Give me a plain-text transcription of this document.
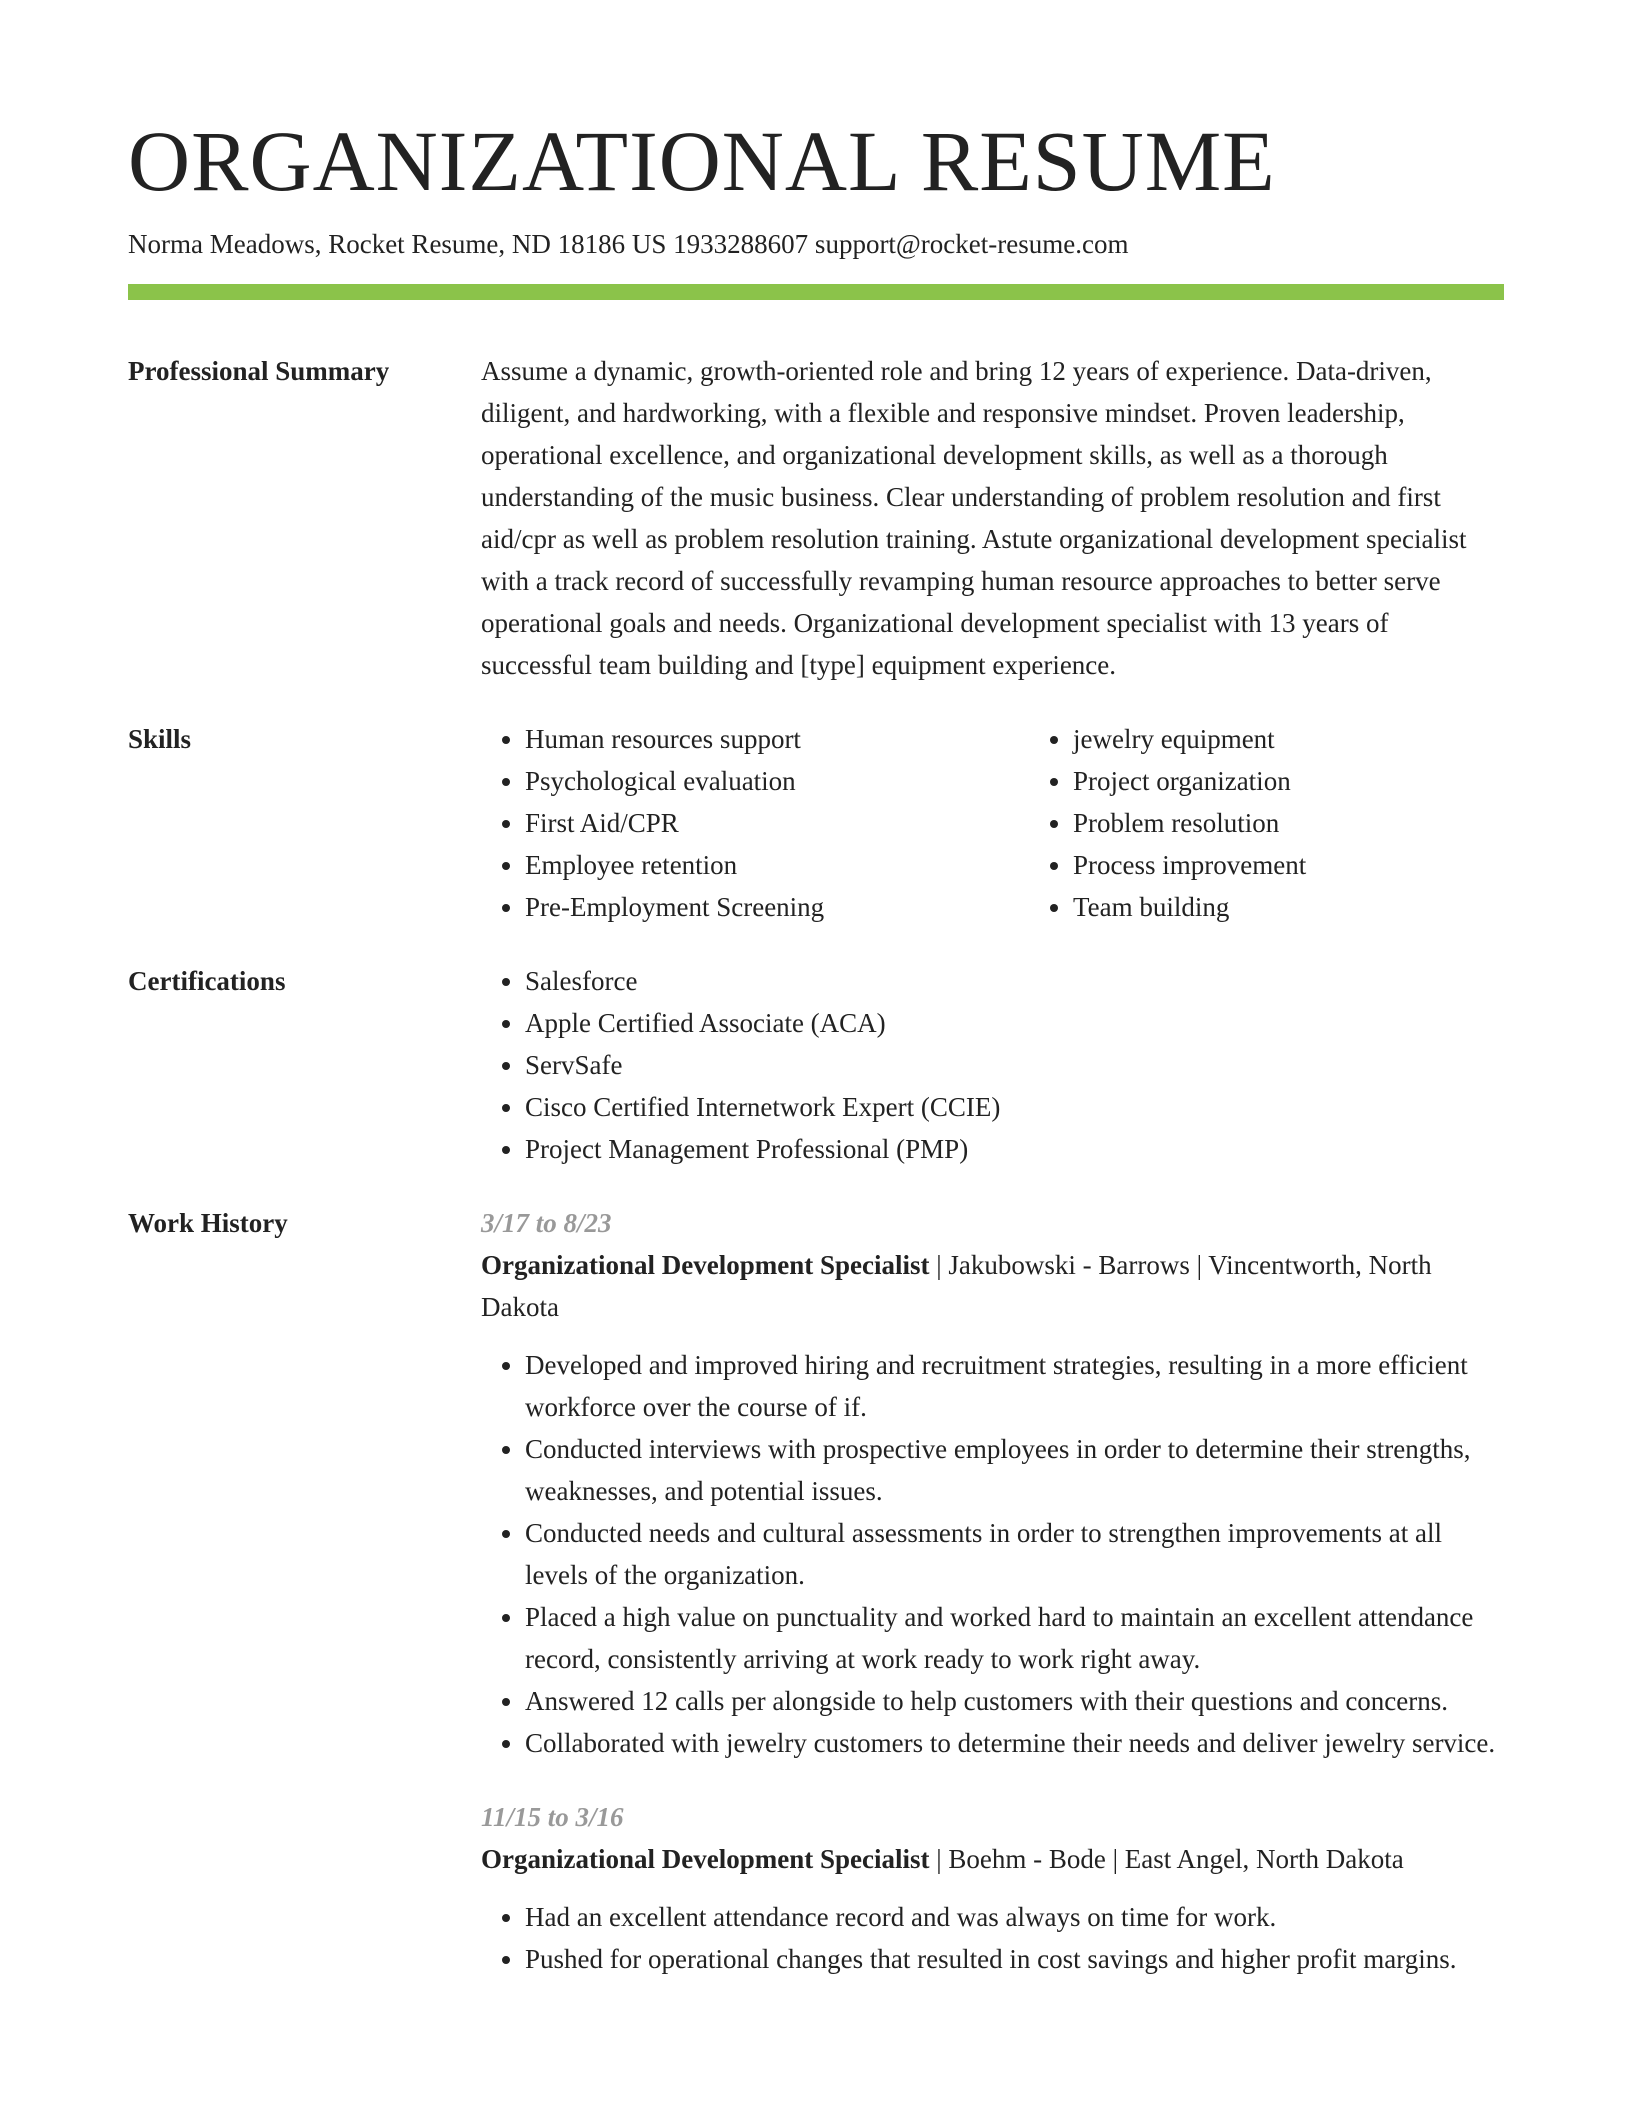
ORGANIZATIONAL RESUME
Norma Meadows, Rocket Resume, ND 18186 US 1933288607 support@rocket-resume.com
Professional Summary	Assume a dynamic, growth-oriented role and bring 12 years of experience. Data-driven, diligent, and hardworking, with a flexible and responsive mindset. Proven leadership, operational excellence, and organizational development skills, as well as a thorough understanding of the music business. Clear understanding of problem resolution and first aid/cpr as well as problem resolution training. Astute organizational development specialist with a track record of successfully revamping human resource approaches to better serve operational goals and needs. Organizational development specialist with 13 years of successful team building and [type] equipment experience.
Skills	• Human resources support
• Psychological evaluation
• First Aid/CPR
• Employee retention
• Pre-Employment Screening
• jewelry equipment
• Project organization
• Problem resolution
• Process improvement
• Team building
Certifications	• Salesforce
• Apple Certified Associate (ACA)
• ServSafe
• Cisco Certified Internetwork Expert (CCIE)
• Project Management Professional (PMP)
Work History	3/17 to 8/23
Organizational Development Specialist | Jakubowski - Barrows | Vincentworth, North Dakota
• Developed and improved hiring and recruitment strategies, resulting in a more efficient workforce over the course of if.
• Conducted interviews with prospective employees in order to determine their strengths, weaknesses, and potential issues.
• Conducted needs and cultural assessments in order to strengthen improvements at all levels of the organization.
• Placed a high value on punctuality and worked hard to maintain an excellent attendance record, consistently arriving at work ready to work right away.
• Answered 12 calls per alongside to help customers with their questions and concerns.
• Collaborated with jewelry customers to determine their needs and deliver jewelry service.
11/15 to 3/16
Organizational Development Specialist | Boehm - Bode | East Angel, North Dakota
• Had an excellent attendance record and was always on time for work.
• Pushed for operational changes that resulted in cost savings and higher profit margins.
